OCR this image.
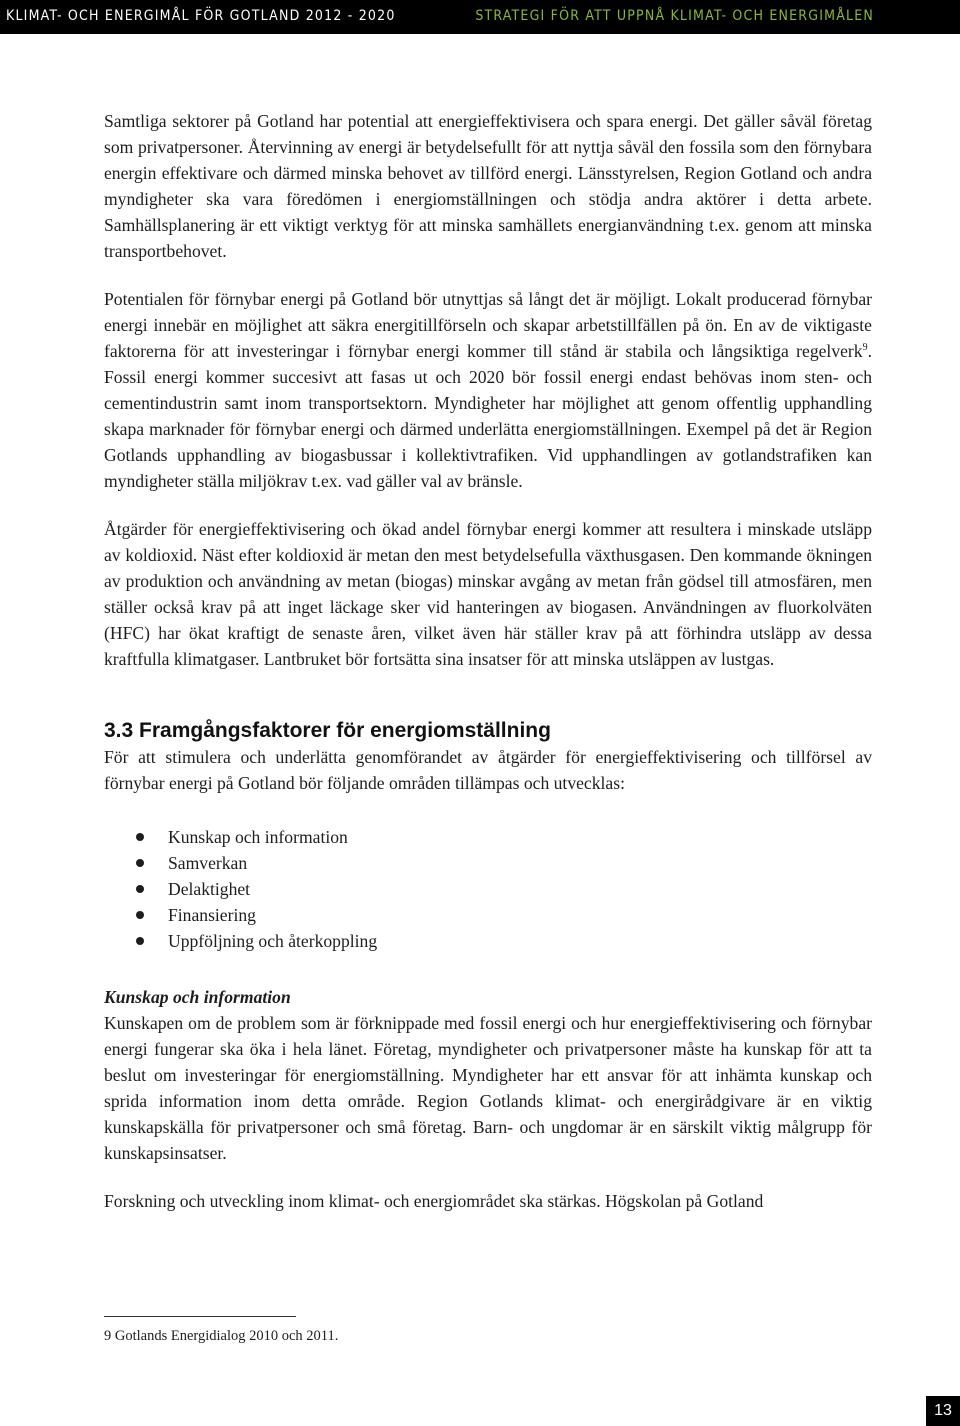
KLIMAT- OCH ENERGIMÅL FÖR GOTLAND 2012 - 2020	STRATEGI FÖR ATT UPPNÅ KLIMAT- OCH ENERGIMÅLEN

Samtliga sektorer på Gotland har potential att energieffektivisera och spara energi. Det gäller såväl företag som privatpersoner. Återvinning av energi är betydelsefullt för att nyttja såväl den fossila som den förnybara energin effektivare och därmed minska behovet av tillförd energi. Länsstyrelsen, Region Gotland och andra myndigheter ska vara föredömen i energiomställningen och stödja andra aktörer i detta arbete. Samhällsplanering är ett viktigt verktyg för att minska samhällets energianvändning t.ex. genom att minska transportbehovet.

Potentialen för förnybar energi på Gotland bör utnyttjas så långt det är möjligt. Lokalt producerad förnybar energi innebär en möjlighet att säkra energitillförseln och skapar arbetstillfällen på ön. En av de viktigaste faktorerna för att investeringar i förnybar energi kommer till stånd är stabila och långsiktiga regelverk$^9$. Fossil energi kommer succesivt att fasas ut och 2020 bör fossil energi endast behövas inom sten- och cementindustrin samt inom transportsektorn. Myndigheter har möjlighet att genom offentlig upphandling skapa marknader för förnybar energi och därmed underlätta energiomställningen. Exempel på det är Region Gotlands upphandling av biogasbussar i kollektivtrafiken. Vid upphandlingen av gotlandstrafiken kan myndigheter ställa miljökrav t.ex. vad gäller val av bränsle.

Åtgärder för energieffektivisering och ökad andel förnybar energi kommer att resultera i minskade utsläpp av koldioxid. Näst efter koldioxid är metan den mest betydelsefulla växthusgasen. Den kommande ökningen av produktion och användning av metan (biogas) minskar avgång av metan från gödsel till atmosfären, men ställer också krav på att inget läckage sker vid hanteringen av biogasen. Användningen av fluorkolväten (HFC) har ökat kraftigt de senaste åren, vilket även här ställer krav på att förhindra utsläpp av dessa kraftfulla klimatgaser. Lantbruket bör fortsätta sina insatser för att minska utsläppen av lustgas.

3.3 Framgångsfaktorer för energiomställning

För att stimulera och underlätta genomförandet av åtgärder för energieffektivisering och tillförsel av förnybar energi på Gotland bör följande områden tillämpas och utvecklas:

Kunskap och information
Samverkan
Delaktighet
Finansiering
Uppföljning och återkoppling

Kunskap och information

Kunskapen om de problem som är förknippade med fossil energi och hur energieffektivisering och förnybar energi fungerar ska öka i hela länet. Företag, myndigheter och privatpersoner måste ha kunskap för att ta beslut om investeringar för energiomställning. Myndigheter har ett ansvar för att inhämta kunskap och sprida information inom detta område. Region Gotlands klimat- och energirådgivare är en viktig kunskapskälla för privatpersoner och små företag. Barn- och ungdomar är en särskilt viktig målgrupp för kunskapsinsatser.

Forskning och utveckling inom klimat- och energiområdet ska stärkas. Högskolan på Gotland

9 Gotlands Energidialog 2010 och 2011.
13
